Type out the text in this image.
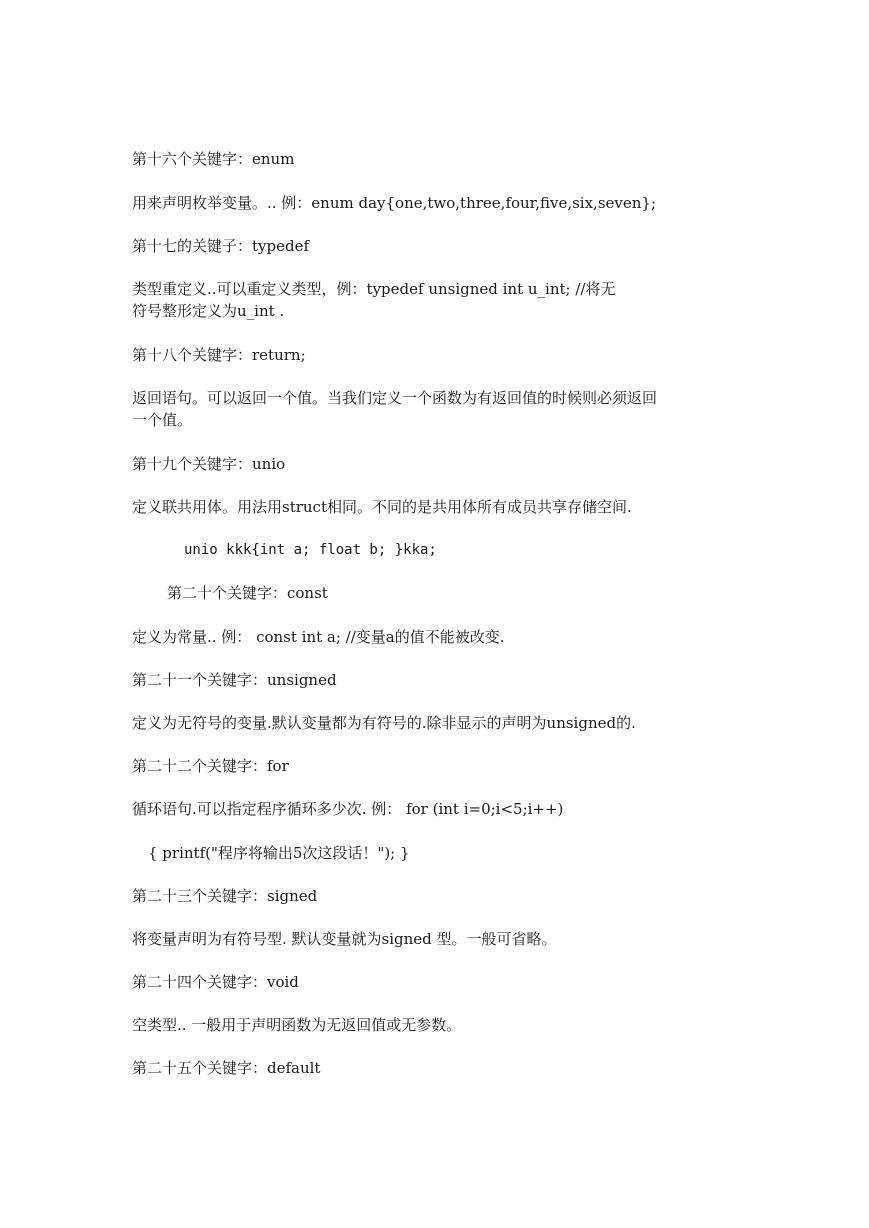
第十六个关键字：enum
用来声明枚举变量。.. 例：enum day{one,two,three,four,five,six,seven};
第十七的关键子：typedef
类型重定义..可以重定义类型，例：typedef unsigned int u_int; //将无
符号整形定义为u_int .
第十八个关键字：return;
返回语句。可以返回一个值。当我们定义一个函数为有返回值的时候则必须返回
一个值。
第十九个关键字：unio
定义联共用体。用法用struct相同。不同的是共用体所有成员共享存储空间.
unio kkk{int a; float b; }kka;
第二十个关键字：const
定义为常量.. 例： const int a; //变量a的值不能被改变.
第二十一个关键字：unsigned
定义为无符号的变量.默认变量都为有符号的.除非显示的声明为unsigned的.
第二十二个关键字：for
循环语句.可以指定程序循环多少次. 例： for (int i=0;i<5;i++)
{ printf("程序将输出5次这段话！"); }
第二十三个关键字：signed
将变量声明为有符号型. 默认变量就为signed 型。一般可省略。
第二十四个关键字：void
空类型.. 一般用于声明函数为无返回值或无参数。
第二十五个关键字：default
